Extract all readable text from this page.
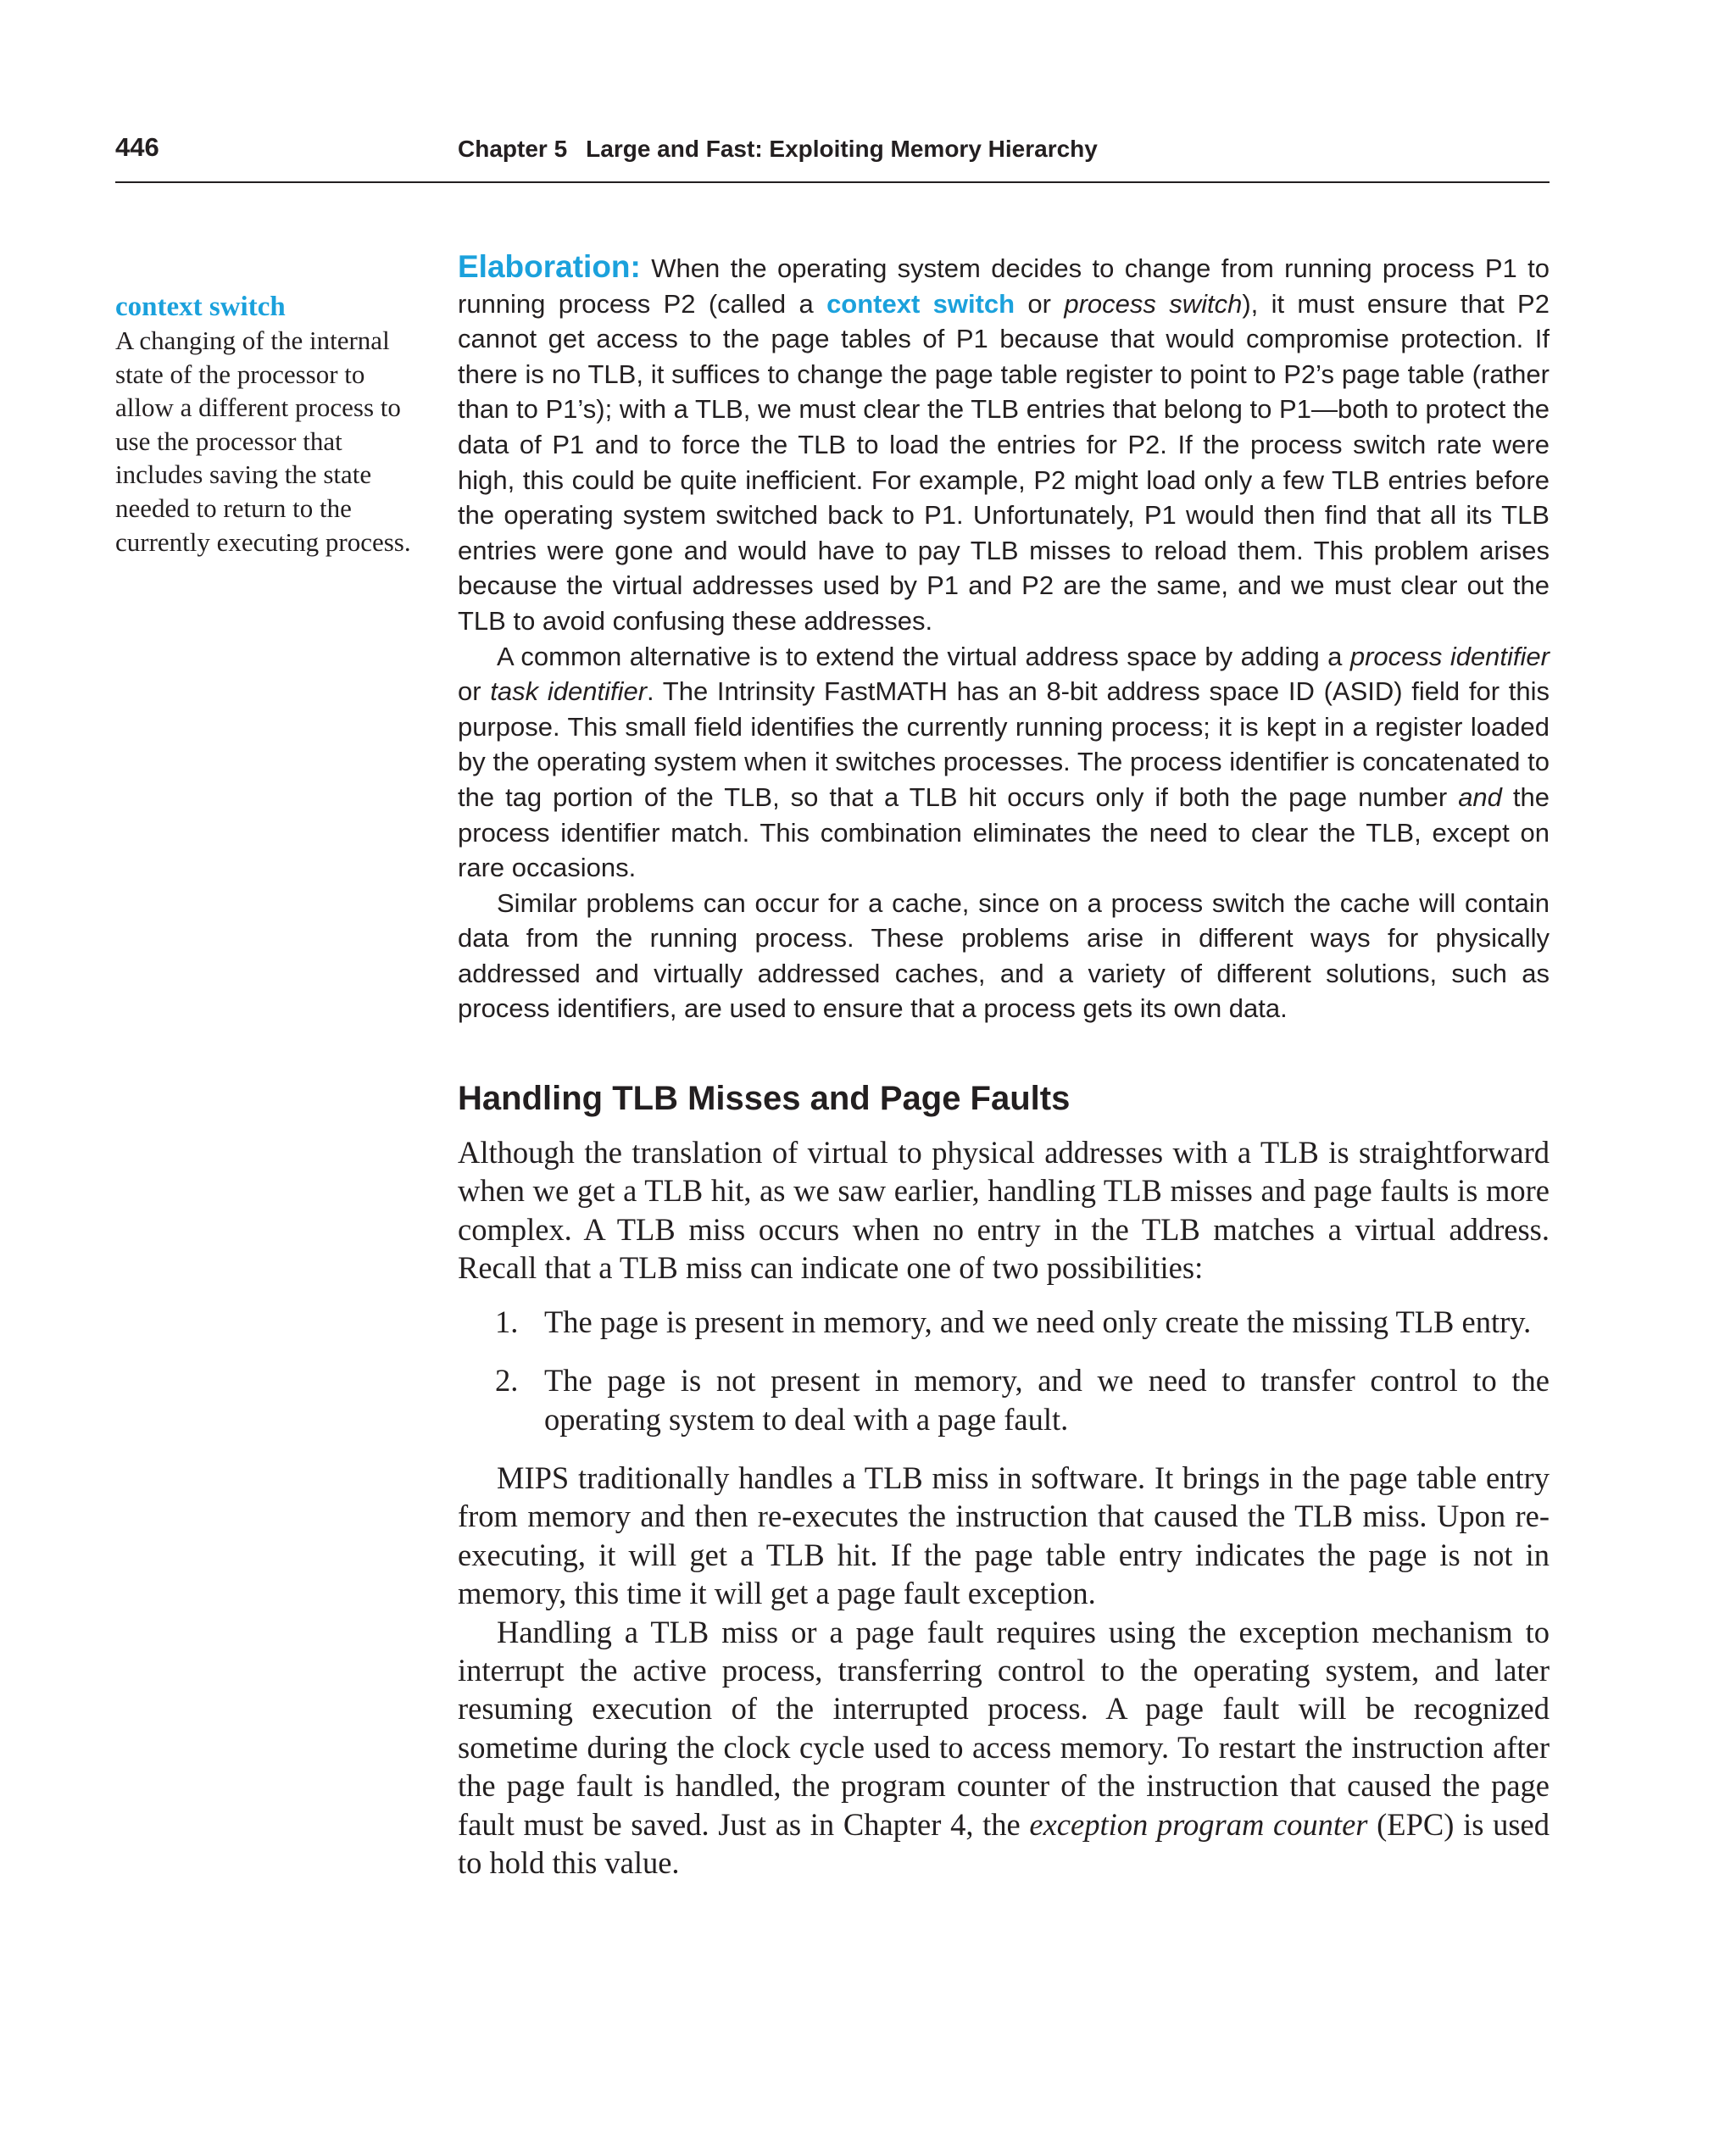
446	Chapter 5 Large and Fast: Exploiting Memory Hierarchy
context switch
A changing of the internal state of the processor to allow a different process to use the processor that includes saving the state needed to return to the currently executing process.

Elaboration: When the operating system decides to change from running process P1 to running process P2 (called a context switch or process switch), it must ensure that P2 cannot get access to the page tables of P1 because that would compromise protection. If there is no TLB, it suffices to change the page table register to point to P2’s page table (rather than to P1’s); with a TLB, we must clear the TLB entries that belong to P1—both to protect the data of P1 and to force the TLB to load the entries for P2. If the process switch rate were high, this could be quite inefficient. For example, P2 might load only a few TLB entries before the operating system switched back to P1. Unfortunately, P1 would then find that all its TLB entries were gone and would have to pay TLB misses to reload them. This problem arises because the virtual addresses used by P1 and P2 are the same, and we must clear out the TLB to avoid confusing these addresses.

A common alternative is to extend the virtual address space by adding a process identifier or task identifier. The Intrinsity FastMATH has an 8-bit address space ID (ASID) field for this purpose. This small field identifies the currently running process; it is kept in a register loaded by the operating system when it switches processes. The process identifier is concatenated to the tag portion of the TLB, so that a TLB hit occurs only if both the page number and the process identifier match. This combination eliminates the need to clear the TLB, except on rare occasions.

Similar problems can occur for a cache, since on a process switch the cache will contain data from the running process. These problems arise in different ways for physically addressed and virtually addressed caches, and a variety of different solutions, such as process identifiers, are used to ensure that a process gets its own data.

Handling TLB Misses and Page Faults

Although the translation of virtual to physical addresses with a TLB is straightforward when we get a TLB hit, as we saw earlier, handling TLB misses and page faults is more complex. A TLB miss occurs when no entry in the TLB matches a virtual address. Recall that a TLB miss can indicate one of two possibilities:

1. The page is present in memory, and we need only create the missing TLB entry.
2. The page is not present in memory, and we need to transfer control to the operating system to deal with a page fault.

MIPS traditionally handles a TLB miss in software. It brings in the page table entry from memory and then re-executes the instruction that caused the TLB miss. Upon re-executing, it will get a TLB hit. If the page table entry indicates the page is not in memory, this time it will get a page fault exception.

Handling a TLB miss or a page fault requires using the exception mechanism to interrupt the active process, transferring control to the operating system, and later resuming execution of the interrupted process. A page fault will be recognized sometime during the clock cycle used to access memory. To restart the instruction after the page fault is handled, the program counter of the instruction that caused the page fault must be saved. Just as in Chapter 4, the exception program counter (EPC) is used to hold this value.
